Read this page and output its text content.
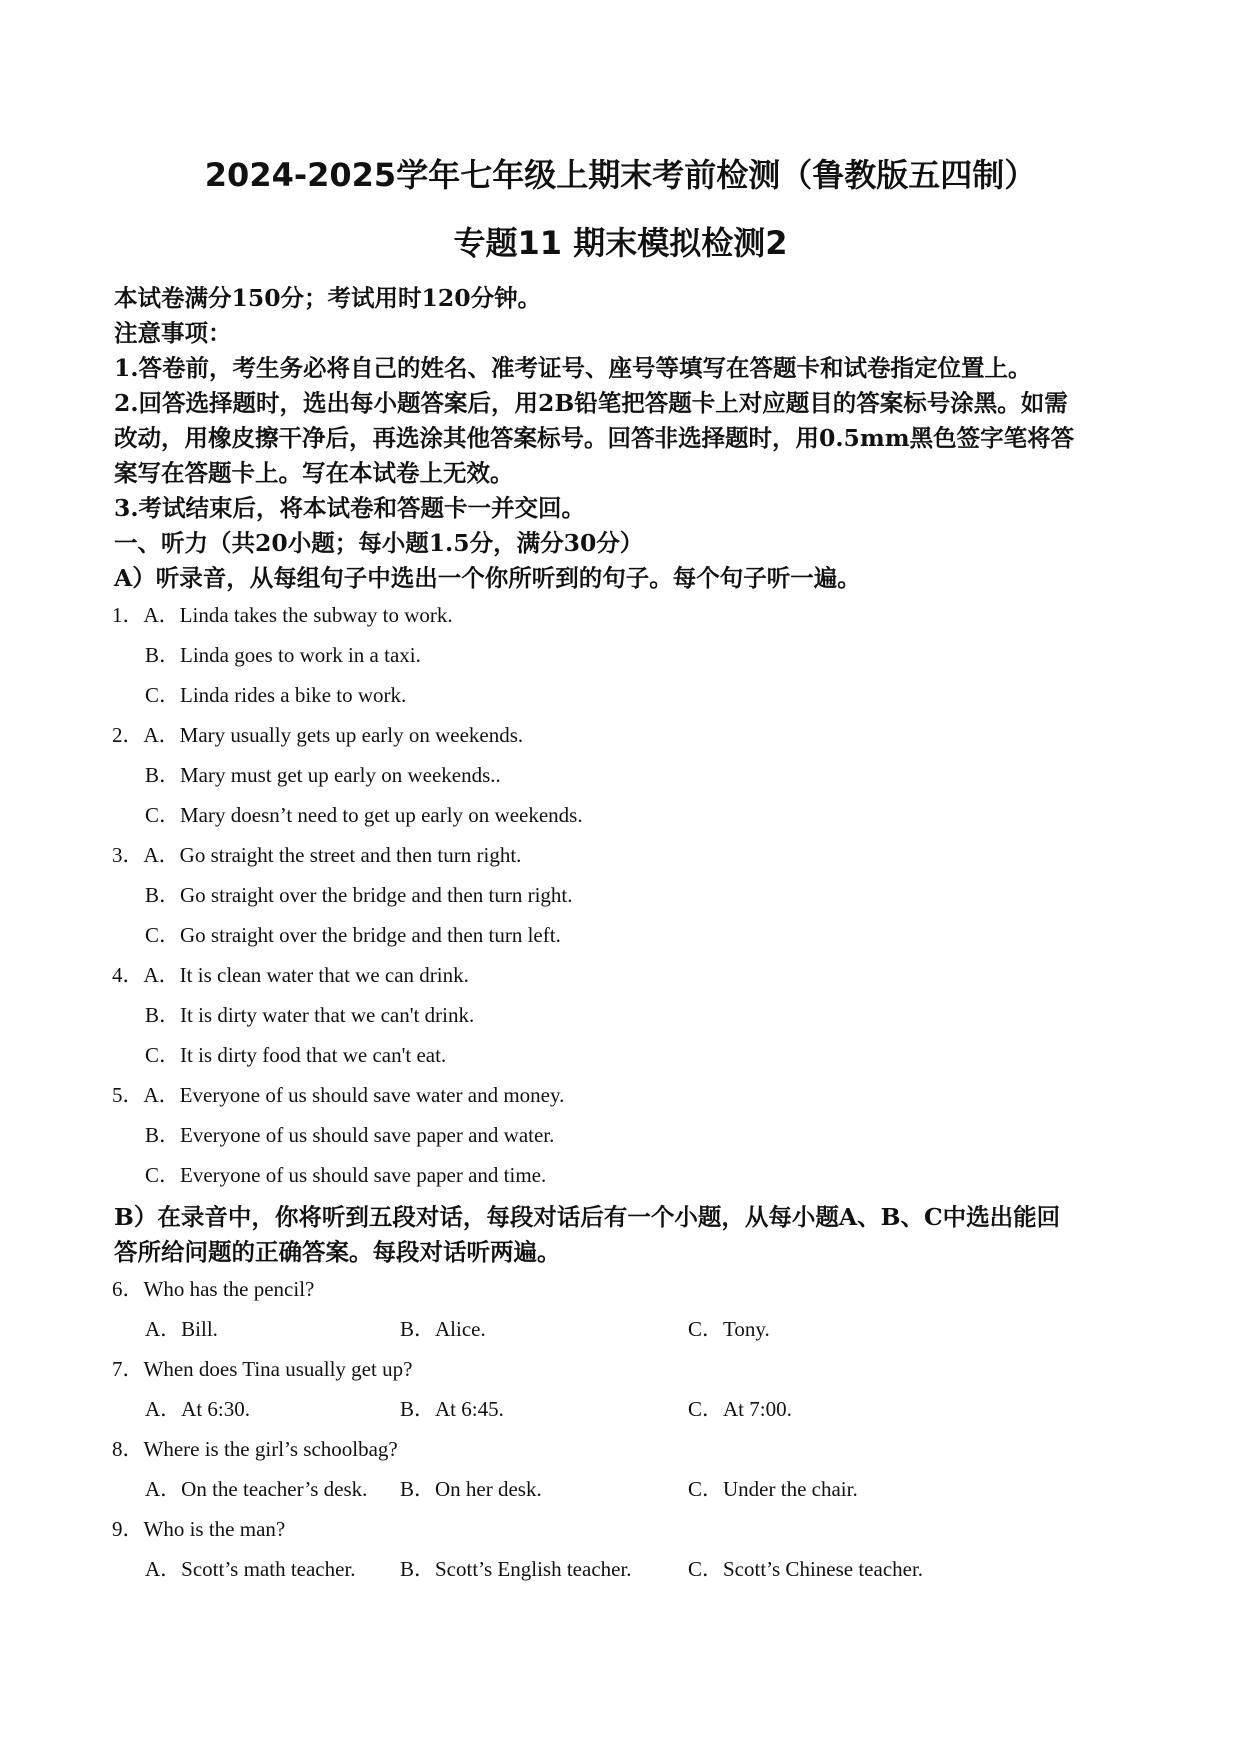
2024-2025学年七年级上期末考前检测（鲁教版五四制）
专题11 期末模拟检测2
本试卷满分150分；考试用时120分钟。
注意事项：
1.答卷前，考生务必将自己的姓名、准考证号、座号等填写在答题卡和试卷指定位置上。
2.回答选择题时，选出每小题答案后，用2B铅笔把答题卡上对应题目的答案标号涂黑。如需
改动，用橡皮擦干净后，再选涂其他答案标号。回答非选择题时，用0.5mm黑色签字笔将答
案写在答题卡上。写在本试卷上无效。
3.考试结束后，将本试卷和答题卡一并交回。
一、听力（共20小题；每小题1.5分，满分30分）
A）听录音，从每组句子中选出一个你所听到的句子。每个句子听一遍。
1．A．Linda takes the subway to work.
B．Linda goes to work in a taxi.
C．Linda rides a bike to work.
2．A．Mary usually gets up early on weekends.
B．Mary must get up early on weekends..
C．Mary doesn’t need to get up early on weekends.
3．A．Go straight the street and then turn right.
B．Go straight over the bridge and then turn right.
C．Go straight over the bridge and then turn left.
4．A．It is clean water that we can drink.
B．It is dirty water that we can't drink.
C．It is dirty food that we can't eat.
5．A．Everyone of us should save water and money.
B．Everyone of us should save paper and water.
C．Everyone of us should save paper and time.
B）在录音中，你将听到五段对话，每段对话后有一个小题，从每小题A、B、C中选出能回
答所给问题的正确答案。每段对话听两遍。
6．Who has the pencil?
A．Bill.	B．Alice.	C．Tony.
7．When does Tina usually get up?
A．At 6:30.	B．At 6:45.	C．At 7:00.
8．Where is the girl’s schoolbag?
A．On the teacher’s desk. B．On her desk.	C．Under the chair.
9．Who is the man?
A．Scott’s math teacher. B．Scott’s English teacher.	C．Scott’s Chinese teacher.
